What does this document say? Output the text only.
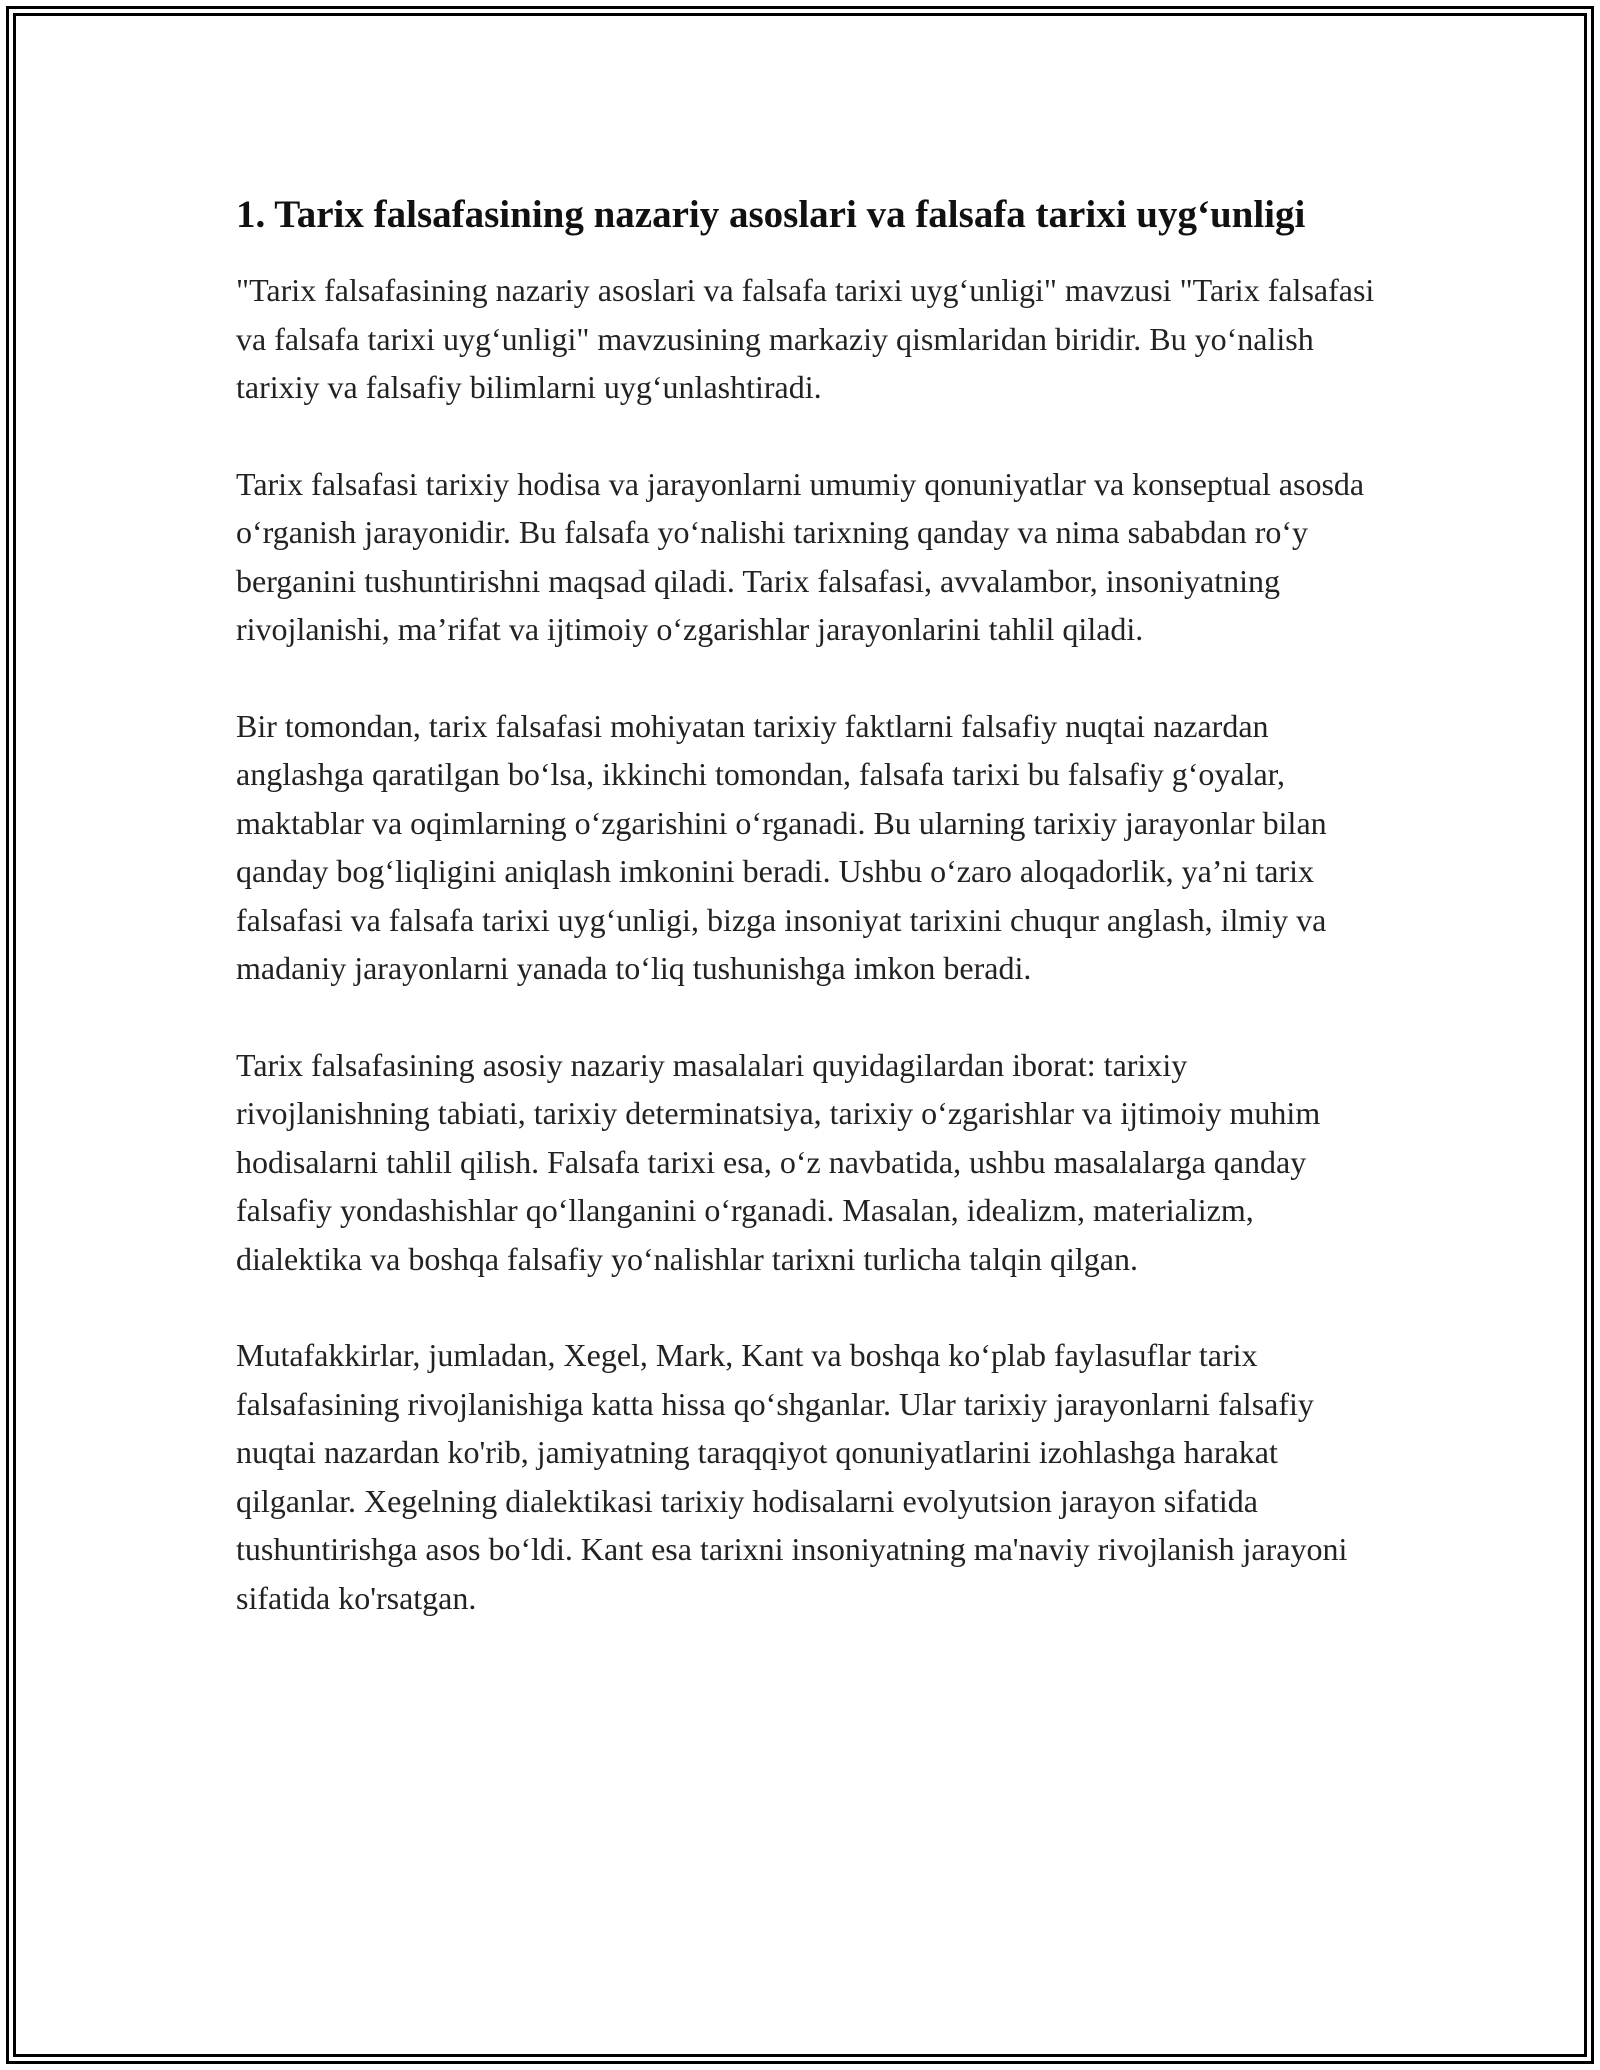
1. Tarix falsafasining nazariy asoslari va falsafa tarixi uyg‘unligi

"Tarix falsafasining nazariy asoslari va falsafa tarixi uyg‘unligi" mavzusi "Tarix falsafasi va falsafa tarixi uyg‘unligi" mavzusining markaziy qismlaridan biridir. Bu yo‘nalish tarixiy va falsafiy bilimlarni uyg‘unlashtiradi.

Tarix falsafasi tarixiy hodisa va jarayonlarni umumiy qonuniyatlar va konseptual asosda o‘rganish jarayonidir. Bu falsafa yo‘nalishi tarixning qanday va nima sababdan ro‘y berganini tushuntirishni maqsad qiladi. Tarix falsafasi, avvalambor, insoniyatning rivojlanishi, ma’rifat va ijtimoiy o‘zgarishlar jarayonlarini tahlil qiladi.

Bir tomondan, tarix falsafasi mohiyatan tarixiy faktlarni falsafiy nuqtai nazardan anglashga qaratilgan bo‘lsa, ikkinchi tomondan, falsafa tarixi bu falsafiy g‘oyalar, maktablar va oqimlarning o‘zgarishini o‘rganadi. Bu ularning tarixiy jarayonlar bilan qanday bog‘liqligini aniqlash imkonini beradi. Ushbu o‘zaro aloqadorlik, ya’ni tarix falsafasi va falsafa tarixi uyg‘unligi, bizga insoniyat tarixini chuqur anglash, ilmiy va madaniy jarayonlarni yanada to‘liq tushunishga imkon beradi.

Tarix falsafasining asosiy nazariy masalalari quyidagilardan iborat: tarixiy rivojlanishning tabiati, tarixiy determinatsiya, tarixiy o‘zgarishlar va ijtimoiy muhim hodisalarni tahlil qilish. Falsafa tarixi esa, o‘z navbatida, ushbu masalalarga qanday falsafiy yondashishlar qo‘llanganini o‘rganadi. Masalan, idealizm, materializm, dialektika va boshqa falsafiy yo‘nalishlar tarixni turlicha talqin qilgan.

Mutafakkirlar, jumladan, Xegel, Mark, Kant va boshqa ko‘plab faylasuflar tarix falsafasining rivojlanishiga katta hissa qo‘shganlar. Ular tarixiy jarayonlarni falsafiy nuqtai nazardan ko'rib, jamiyatning taraqqiyot qonuniyatlarini izohlashga harakat qilganlar. Xegelning dialektikasi tarixiy hodisalarni evolyutsion jarayon sifatida tushuntirishga asos bo‘ldi. Kant esa tarixni insoniyatning ma'naviy rivojlanish jarayoni sifatida ko'rsatgan.
